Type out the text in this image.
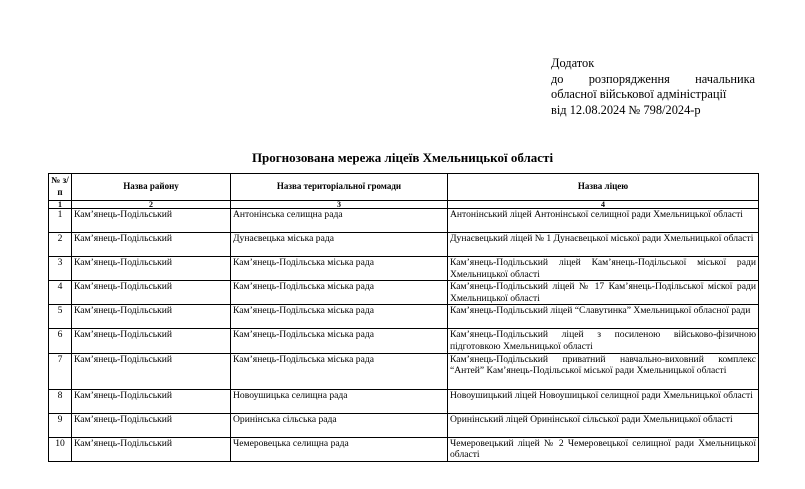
Додаток
до розпорядження начальника
обласної військової адміністрації
від 12.08.2024 № 798/2024-р
Прогнозована мережа ліцеїв Хмельницької області
№ з/п	Назва району	Назва територіальної громади	Назва ліцею
1	2	3	4
1	Кам’янець-Подільський	Антонінська селищна рада	Антонінський ліцей Антонінської селищної ради Хмельницької області
2	Кам’янець-Подільський	Дунаєвецька міська рада	Дунаєвецький ліцей № 1 Дунаєвецької міської ради Хмельницької області
3	Кам’янець-Подільський	Кам’янець-Подільська міська рада	Кам’янець-Подільський ліцей Кам’янець-Подільської міської ради Хмельницької області
4	Кам’янець-Подільський	Кам’янець-Подільська міська рада	Кам’янець-Подільський ліцей № 17 Кам’янець-Подільської міскої ради Хмельницької області
5	Кам’янець-Подільський	Кам’янець-Подільська міська рада	Кам’янець-Подільський ліцей “Славутинка” Хмельницької обласної ради
6	Кам’янець-Подільський	Кам’янець-Подільська міська рада	Кам’янець-Подільський ліцей з посиленою військово-фізичною підготовкою Хмельницької області
7	Кам’янець-Подільський	Кам’янець-Подільська міська рада	Кам’янець-Подільський приватний навчально-виховний комплекс “Антей” Кам’янець-Подільської міської ради Хмельницької області
8	Кам’янець-Подільський	Новоушицька селищна рада	Новоушицький ліцей Новоушицької селищної ради Хмельницької області
9	Кам’янець-Подільський	Оринінська сільська рада	Оринінський ліцей Оринінської сільської ради Хмельницької області
10	Кам’янець-Подільський	Чемеровецька селищна рада	Чемеровецький ліцей № 2 Чемеровецької селищної ради Хмельницької області
